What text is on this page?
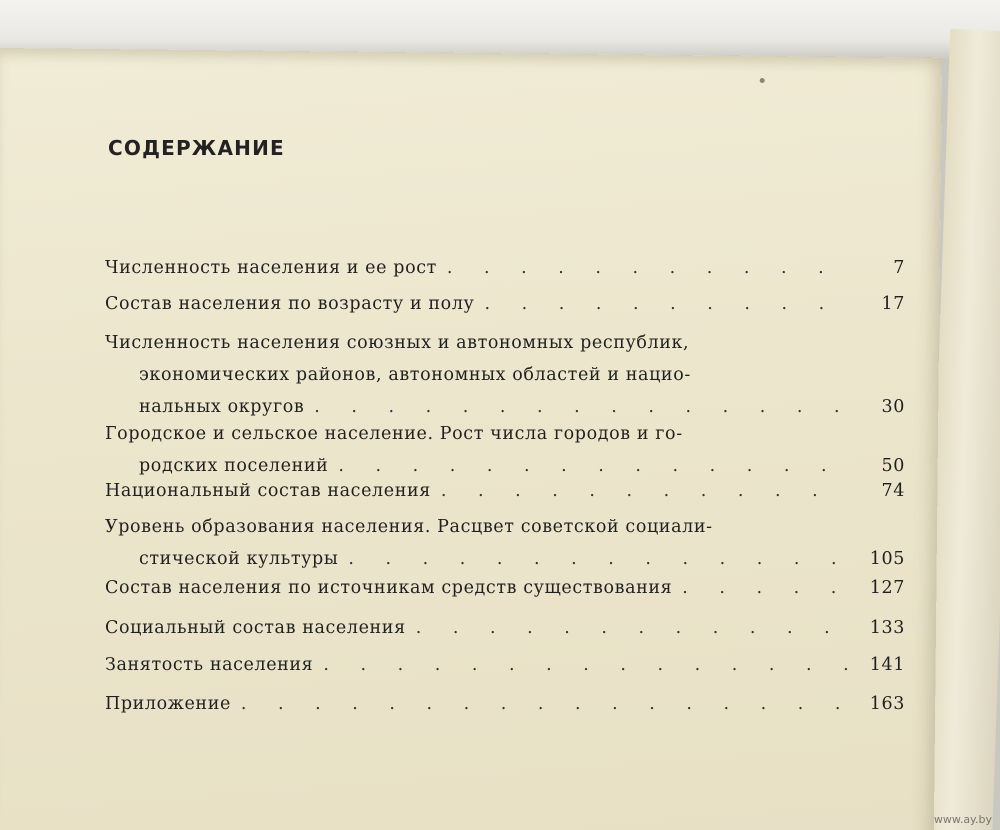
СОДЕРЖАНИЕ
Численность населения и ее рост . . .	7
Состав населения по возрасту и полу . . .	17
Численность населения союзных и автономных республик,
экономических районов, автономных областей и нацио-
нальных округов . . .	30
Городское и сельское население. Рост числа городов и го-
родских поселений . . .	50
Национальный состав населения . . .	74
Уровень образования населения. Расцвет советской социали-
стической культуры . . .	105
Состав населения по источникам средств существования . . .	127
Социальный состав населения . . .	133
Занятость населения . . .	141
Приложение . . .	163
www.ay.by
